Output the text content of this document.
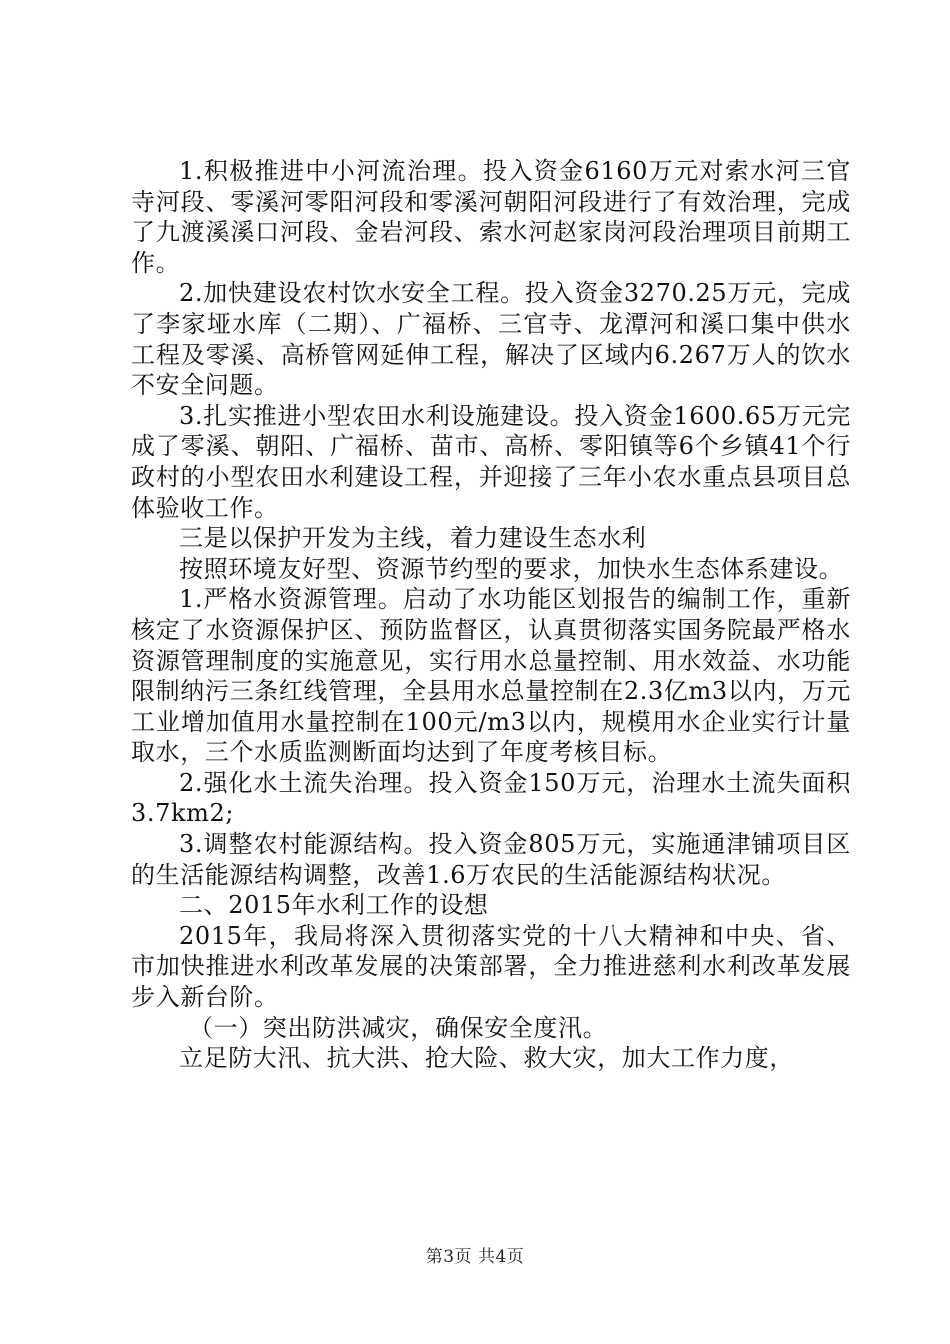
1.积极推进中小河流治理。投入资金6160万元对索水河三官寺河段、零溪河零阳河段和零溪河朝阳河段进行了有效治理，完成了九渡溪溪口河段、金岩河段、索水河赵家岗河段治理项目前期工作。

2.加快建设农村饮水安全工程。投入资金3270.25万元，完成了李家垭水库（二期）、广福桥、三官寺、龙潭河和溪口集中供水工程及零溪、高桥管网延伸工程，解决了区域内6.267万人的饮水不安全问题。

3.扎实推进小型农田水利设施建设。投入资金1600.65万元完成了零溪、朝阳、广福桥、苗市、高桥、零阳镇等6个乡镇41个行政村的小型农田水利建设工程，并迎接了三年小农水重点县项目总体验收工作。

三是以保护开发为主线，着力建设生态水利

按照环境友好型、资源节约型的要求，加快水生态体系建设。

1.严格水资源管理。启动了水功能区划报告的编制工作，重新核定了水资源保护区、预防监督区，认真贯彻落实国务院最严格水资源管理制度的实施意见，实行用水总量控制、用水效益、水功能限制纳污三条红线管理，全县用水总量控制在2.3亿m3以内，万元工业增加值用水量控制在100元/m3以内，规模用水企业实行计量取水，三个水质监测断面均达到了年度考核目标。

2.强化水土流失治理。投入资金150万元，治理水土流失面积3.7km2;

3.调整农村能源结构。投入资金805万元，实施通津铺项目区的生活能源结构调整，改善1.6万农民的生活能源结构状况。

二、2015年水利工作的设想

2015年，我局将深入贯彻落实党的十八大精神和中央、省、市加快推进水利改革发展的决策部署，全力推进慈利水利改革发展步入新台阶。

（一）突出防洪减灾，确保安全度汛。

立足防大汛、抗大洪、抢大险、救大灾，加大工作力度，

第3页 共4页
